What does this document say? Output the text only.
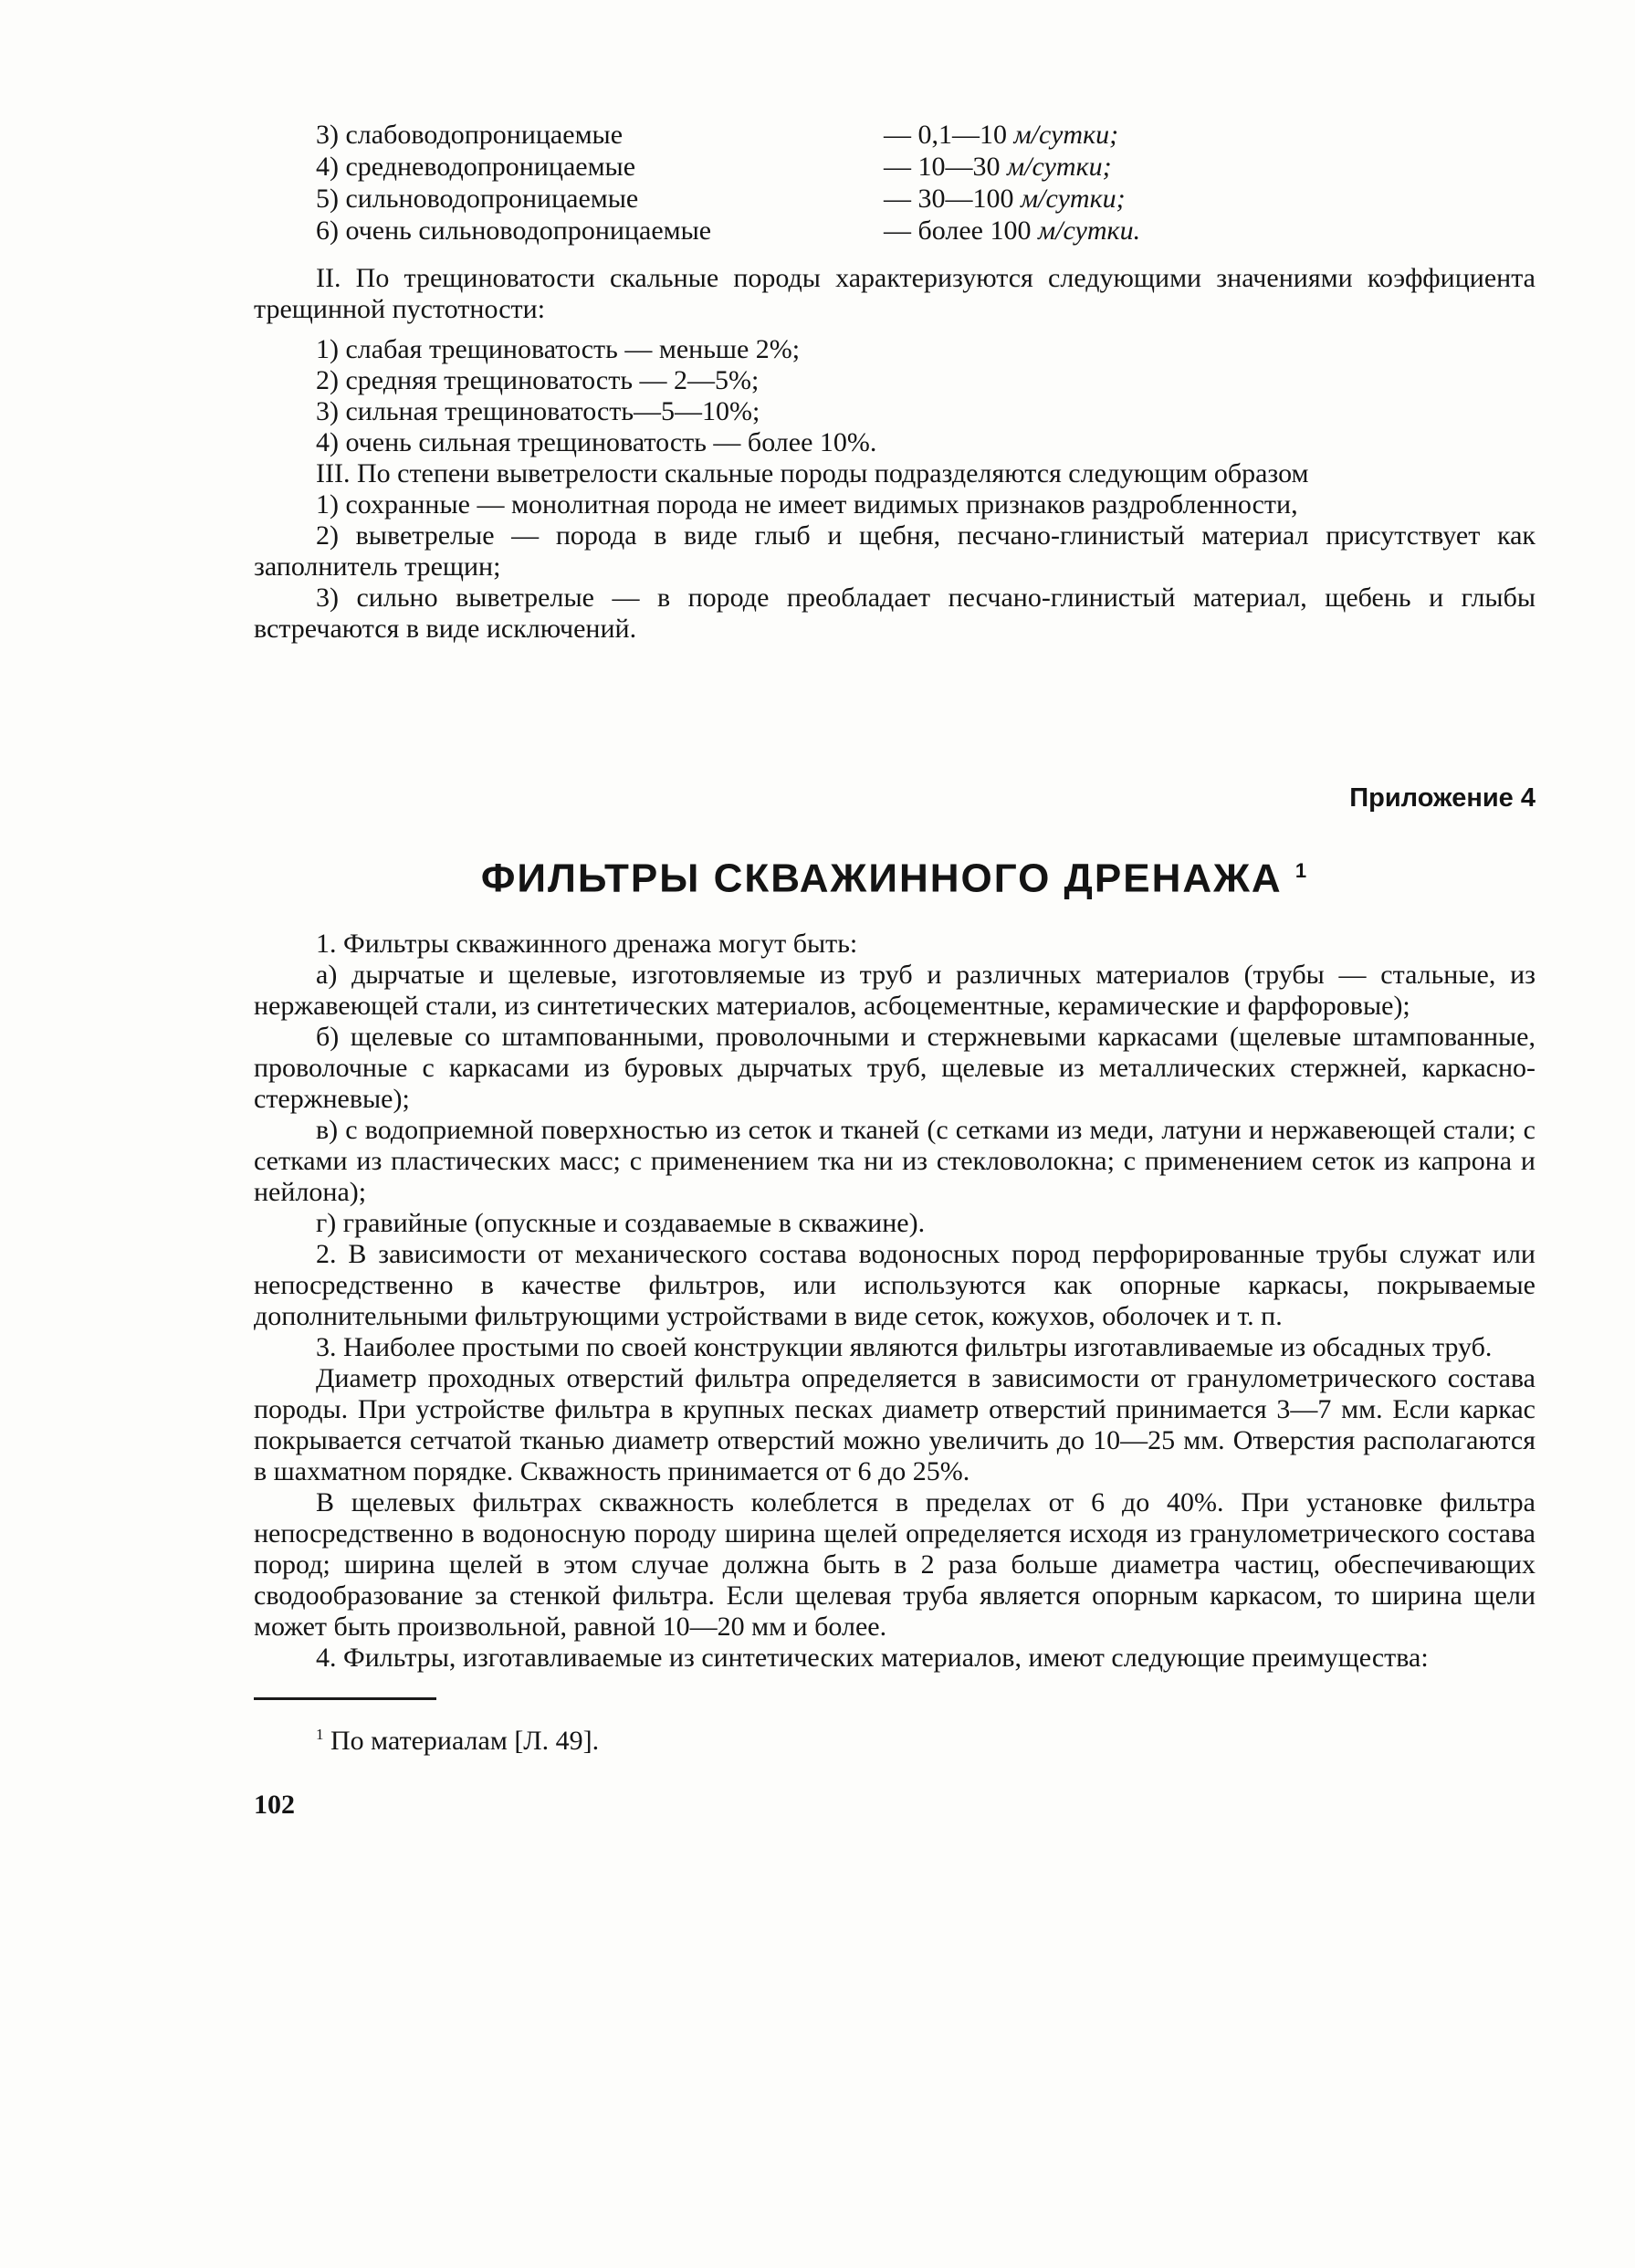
3) слабоводопроницаемые	— 0,1—10 м/сутки;
4) средневодопроницаемые	— 10—30 м/сутки;
5) сильноводопроницаемые	— 30—100 м/сутки;
6) очень сильноводопроницаемые	— более 100 м/сутки.

II. По трещиноватости скальные породы характеризуются следующими значениями коэффициента трещинной пустотности:

1) слабая трещиноватость — меньше 2%;

2) средняя трещиноватость — 2—5%;

3) сильная трещиноватость—5—10%;

4) очень сильная трещиноватость — более 10%.

III. По степени выветрелости скальные породы подразделяются следующим образом

1) сохранные — монолитная порода не имеет видимых признаков раздробленности,

2) выветрелые — порода в виде глыб и щебня, песчано-глинистый материал присутствует как заполнитель трещин;

3) сильно выветрелые — в породе преобладает песчано-глинистый материал, щебень и глыбы встречаются в виде исключений.

Приложение 4

ФИЛЬТРЫ СКВАЖИННОГО ДРЕНАЖА $^1$

1. Фильтры скважинного дренажа могут быть:

а) дырчатые и щелевые, изготовляемые из труб и различных материалов (трубы — стальные, из нержавеющей стали, из синтетических материалов, асбоцементные, керамические и фарфоровые);

б) щелевые со штампованными, проволочными и стержневыми каркасами (щелевые штампованные, проволочные с каркасами из буровых дырчатых труб, щелевые из металлических стержней, каркасно-стержневые);

в) с водоприемной поверхностью из сеток и тканей (с сетками из меди, латуни и нержавеющей стали; с сетками из пластических масс; с применением тка ни из стекловолокна; с применением сеток из капрона и нейлона);

г) гравийные (опускные и создаваемые в скважине).

2. В зависимости от механического состава водоносных пород перфорированные трубы служат или непосредственно в качестве фильтров, или используются как опорные каркасы, покрываемые дополнительными фильтрующими устройствами в виде сеток, кожухов, оболочек и т. п.

3. Наиболее простыми по своей конструкции являются фильтры изготавливаемые из обсадных труб.

Диаметр проходных отверстий фильтра определяется в зависимости от гранулометрического состава породы. При устройстве фильтра в крупных песках диаметр отверстий принимается 3—7 мм. Если каркас покрывается сетчатой тканью диаметр отверстий можно увеличить до 10—25 мм. Отверстия располагаются в шахматном порядке. Скважность принимается от 6 до 25%.

В щелевых фильтрах скважность колеблется в пределах от 6 до 40%. При установке фильтра непосредственно в водоносную породу ширина щелей определяется исходя из гранулометрического состава пород; ширина щелей в этом случае должна быть в 2 раза больше диаметра частиц, обеспечивающих сводообразование за стенкой фильтра. Если щелевая труба является опорным каркасом, то ширина щели может быть произвольной, равной 10—20 мм и более.

4. Фильтры, изготавливаемые из синтетических материалов, имеют следующие преимущества:

$^1$ По материалам [Л. 49].

102
